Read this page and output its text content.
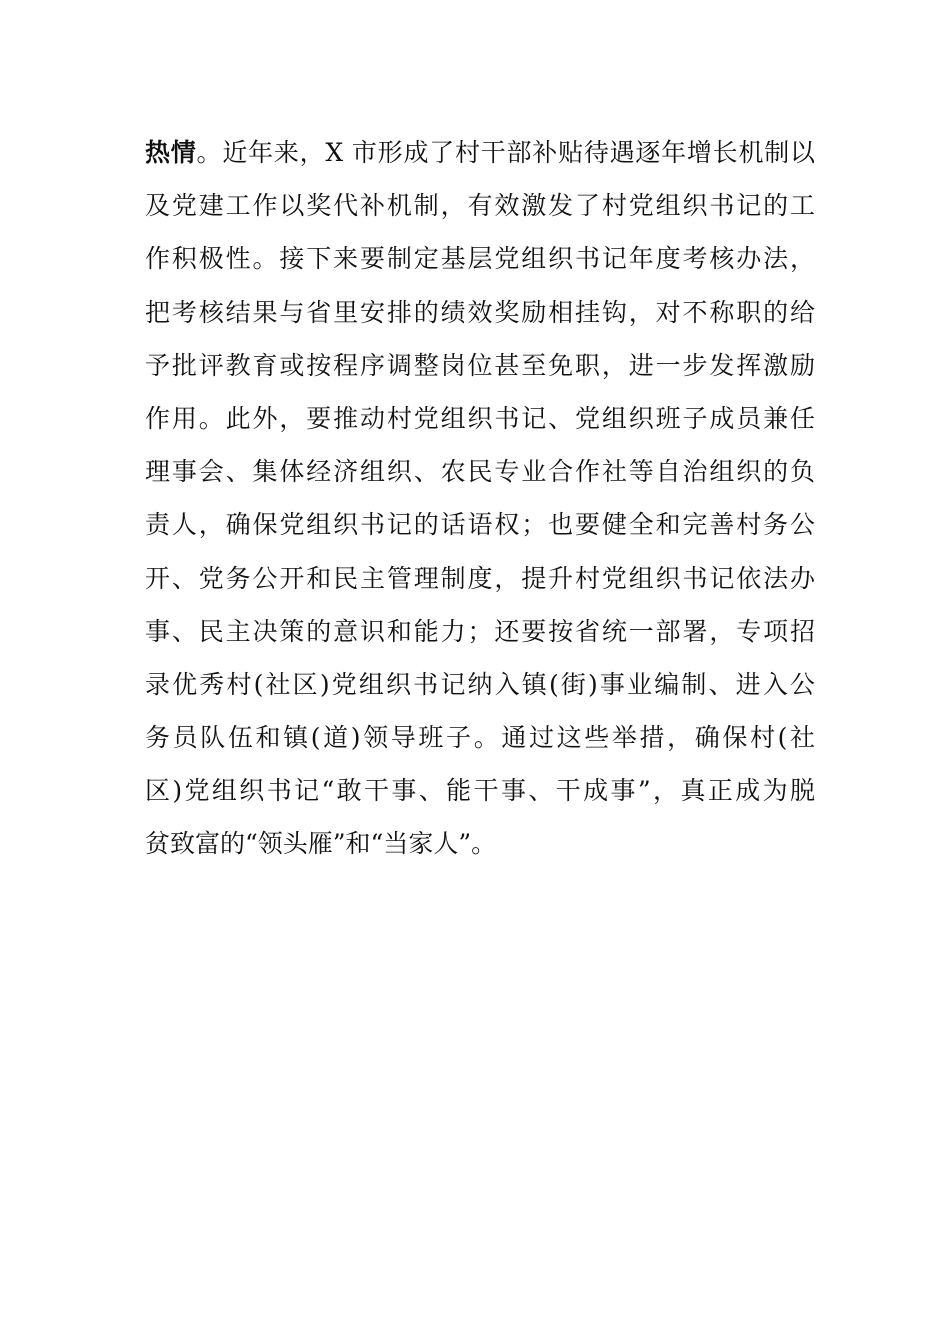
热情。近年来，X 市形成了村干部补贴待遇逐年增长机制以
及党建工作以奖代补机制，有效激发了村党组织书记的工
作积极性。接下来要制定基层党组织书记年度考核办法，
把考核结果与省里安排的绩效奖励相挂钩，对不称职的给
予批评教育或按程序调整岗位甚至免职，进一步发挥激励
作用。此外，要推动村党组织书记、党组织班子成员兼任
理事会、集体经济组织、农民专业合作社等自治组织的负
责人，确保党组织书记的话语权；也要健全和完善村务公
开、党务公开和民主管理制度，提升村党组织书记依法办
事、民主决策的意识和能力；还要按省统一部署，专项招
录优秀村(社区)党组织书记纳入镇(街)事业编制、进入公
务员队伍和镇(道)领导班子。通过这些举措，确保村(社
区)党组织书记“敢干事、能干事、干成事”，真正成为脱
贫致富的“领头雁”和“当家人”。
